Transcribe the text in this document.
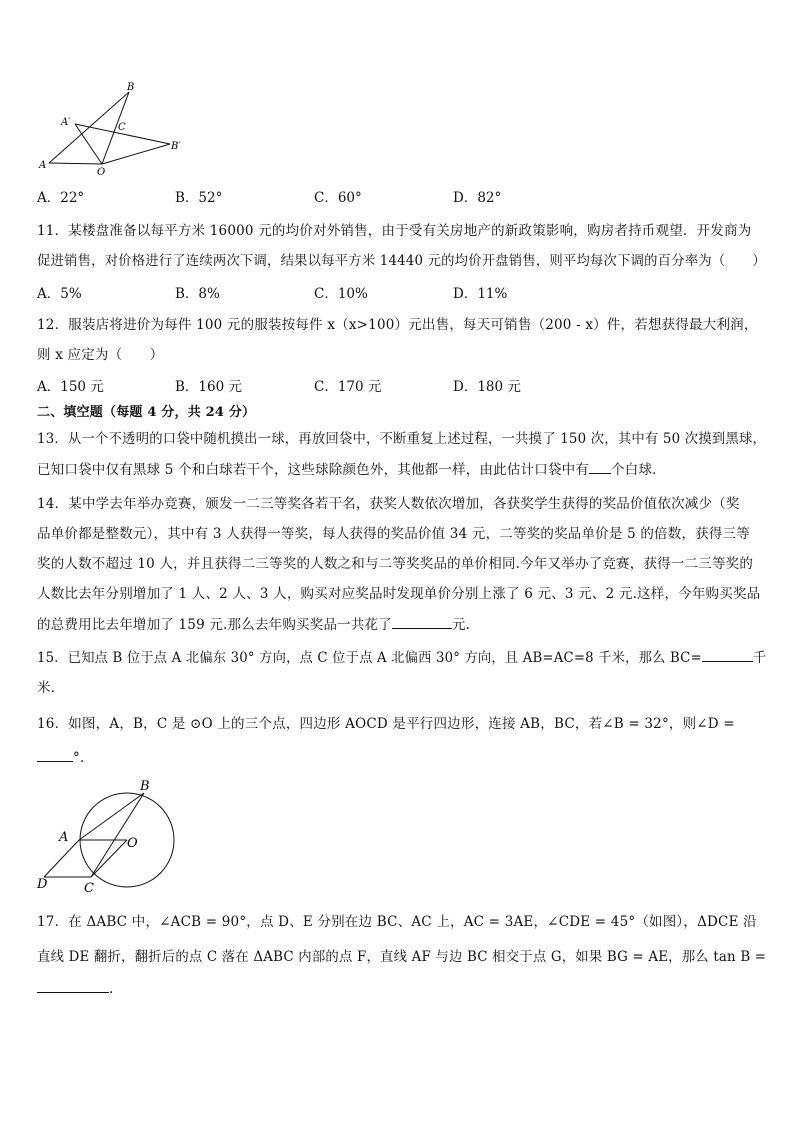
B
A′	C
B′
A
O
A．22°	B．52°	C．60°	D．82°
11．某楼盘准备以每平方米 16000 元的均价对外销售，由于受有关房地产的新政策影响，购房者持币观望．开发商为
促进销售，对价格进行了连续两次下调，结果以每平方米 14440 元的均价开盘销售，则平均每次下调的百分率为（　　）
A．5%	B．8%	C．10%	D．11%
12．服装店将进价为每件 100 元的服装按每件 x（x>100）元出售，每天可销售（200 - x）件，若想获得最大利润，
则 x 应定为（　　）
A．150 元	B．160 元	C．170 元	D．180 元
二、填空题（每题 4 分，共 24 分）
13．从一个不透明的口袋中随机摸出一球，再放回袋中，不断重复上述过程，一共摸了 150 次，其中有 50 次摸到黑球，
已知口袋中仅有黑球 5 个和白球若干个，这些球除颜色外，其他都一样，由此估计口袋中有 个白球．
14．某中学去年举办竞赛，颁发一二三等奖各若干名，获奖人数依次增加，各获奖学生获得的奖品价值依次减少（奖
品单价都是整数元），其中有 3 人获得一等奖，每人获得的奖品价值 34 元，二等奖的奖品单价是 5 的倍数，获得三等
奖的人数不超过 10 人，并且获得二三等奖的人数之和与二等奖奖品的单价相同.今年又举办了竞赛，获得一二三等奖的
人数比去年分别增加了 1 人、2 人、3 人，购买对应奖品时发现单价分别上涨了 6 元、3 元、2 元.这样，今年购买奖品
的总费用比去年增加了 159 元.那么去年购买奖品一共花了	元.
15．已知点 B 位于点 A 北偏东 30° 方向，点 C 位于点 A 北偏西 30° 方向，且 AB=AC=8 千米，那么 BC=	千
米．
16．如图，A，B，C 是 ⊙O 上的三个点，四边形 AOCD 是平行四边形，连接 AB，BC，若∠B = 32°，则∠D =
°.
B
A	O
D	C
17．在 ΔABC 中，∠ACB = 90°，点 D、E 分别在边 BC、AC 上，AC = 3AE，∠CDE = 45°（如图），ΔDCE 沿
直线 DE 翻折，翻折后的点 C 落在 ΔABC 内部的点 F，直线 AF 与边 BC 相交于点 G，如果 BG = AE，那么 tan B =
.
